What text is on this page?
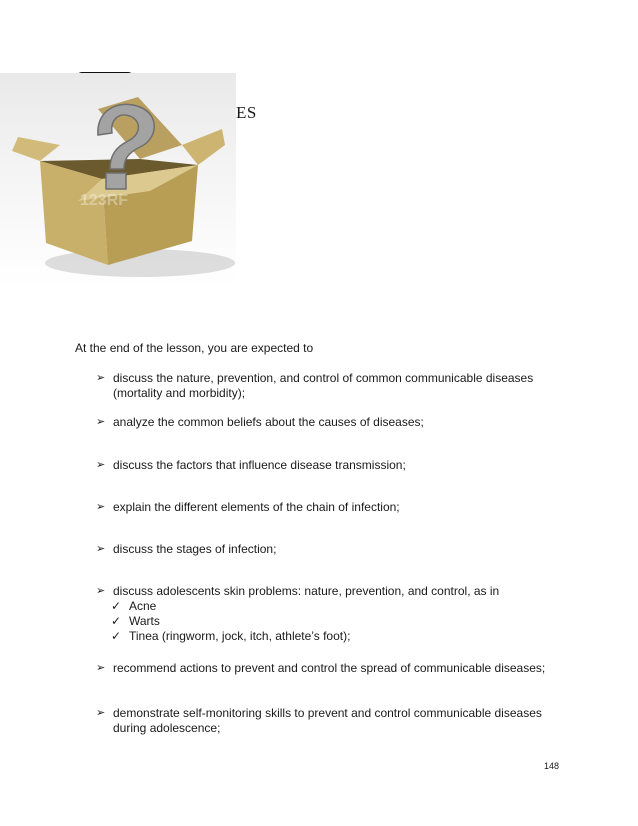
123RF
ES
At the end of the lesson, you are expected to
➢ discuss the nature, prevention, and control of common communicable diseases (mortality and morbidity);
➢ analyze the common beliefs about the causes of diseases;
➢ discuss the factors that influence disease transmission;
➢ explain the different elements of the chain of infection;
➢ discuss the stages of infection;
➢ discuss adolescents skin problems: nature, prevention, and control, as in
✓ Acne
✓ Warts
✓ Tinea (ringworm, jock, itch, athlete’s foot);
➢ recommend actions to prevent and control the spread of communicable diseases;
➢ demonstrate self-monitoring skills to prevent and control communicable diseases during adolescence;
148
